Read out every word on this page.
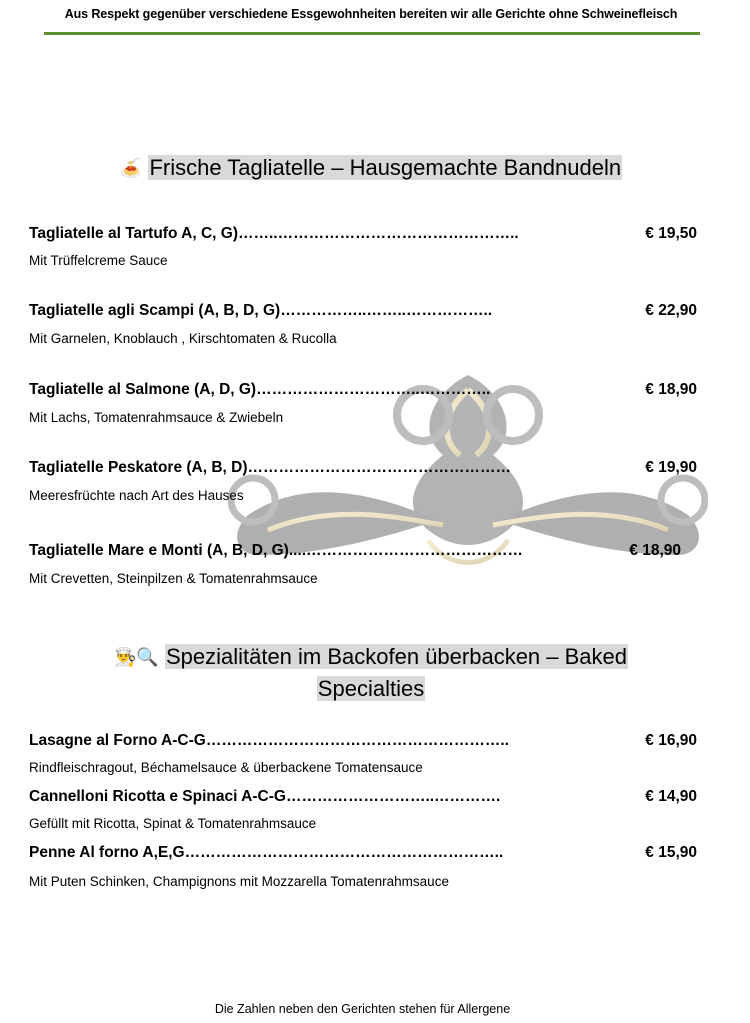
Aus Respekt gegenüber verschiedene Essgewohnheiten bereiten wir alle Gerichte ohne Schweinefleisch
🍝 Frische Tagliatelle – Hausgemachte Bandnudeln
Tagliatelle al Tartufo A, C, G) ……..………………………………………..	€ 19,50
Mit Trüffelcreme Sauce
Tagliatelle agli Scampi (A, B, D, G) ……………..……..……………..	€ 22,90
Mit Garnelen, Knoblauch , Kirschtomaten & Rucolla
Tagliatelle al Salmone (A, D, G) …………………………..…………..	€ 18,90
Mit Lachs, Tomatenrahmsauce & Zwiebeln
Tagliatelle Peskatore (A, B, D) ……………………………………………	€ 19,90
Meeresfrüchte nach Art des Hauses
Tagliatelle Mare e Monti (A, B, D, G) ....……………………………………	€ 18,90
Mit Crevetten, Steinpilzen & Tomatenrahmsauce
👨‍🍳🔍 Spezialitäten im Backofen überbacken – Baked
Specialties
Lasagne al Forno A-C-G …………………………………………………..	€ 16,90
Rindfleischragout, Béchamelsauce & überbackene Tomatensauce
Cannelloni Ricotta e Spinaci A-C-G ………………………..………….	€ 14,90
Gefüllt mit Ricotta, Spinat & Tomatenrahmsauce
Penne Al forno A,E,G ……………………………………………………..	€ 15,90
Mit Puten Schinken, Champignons mit Mozzarella Tomatenrahmsauce
Die Zahlen neben den Gerichten stehen für Allergene
